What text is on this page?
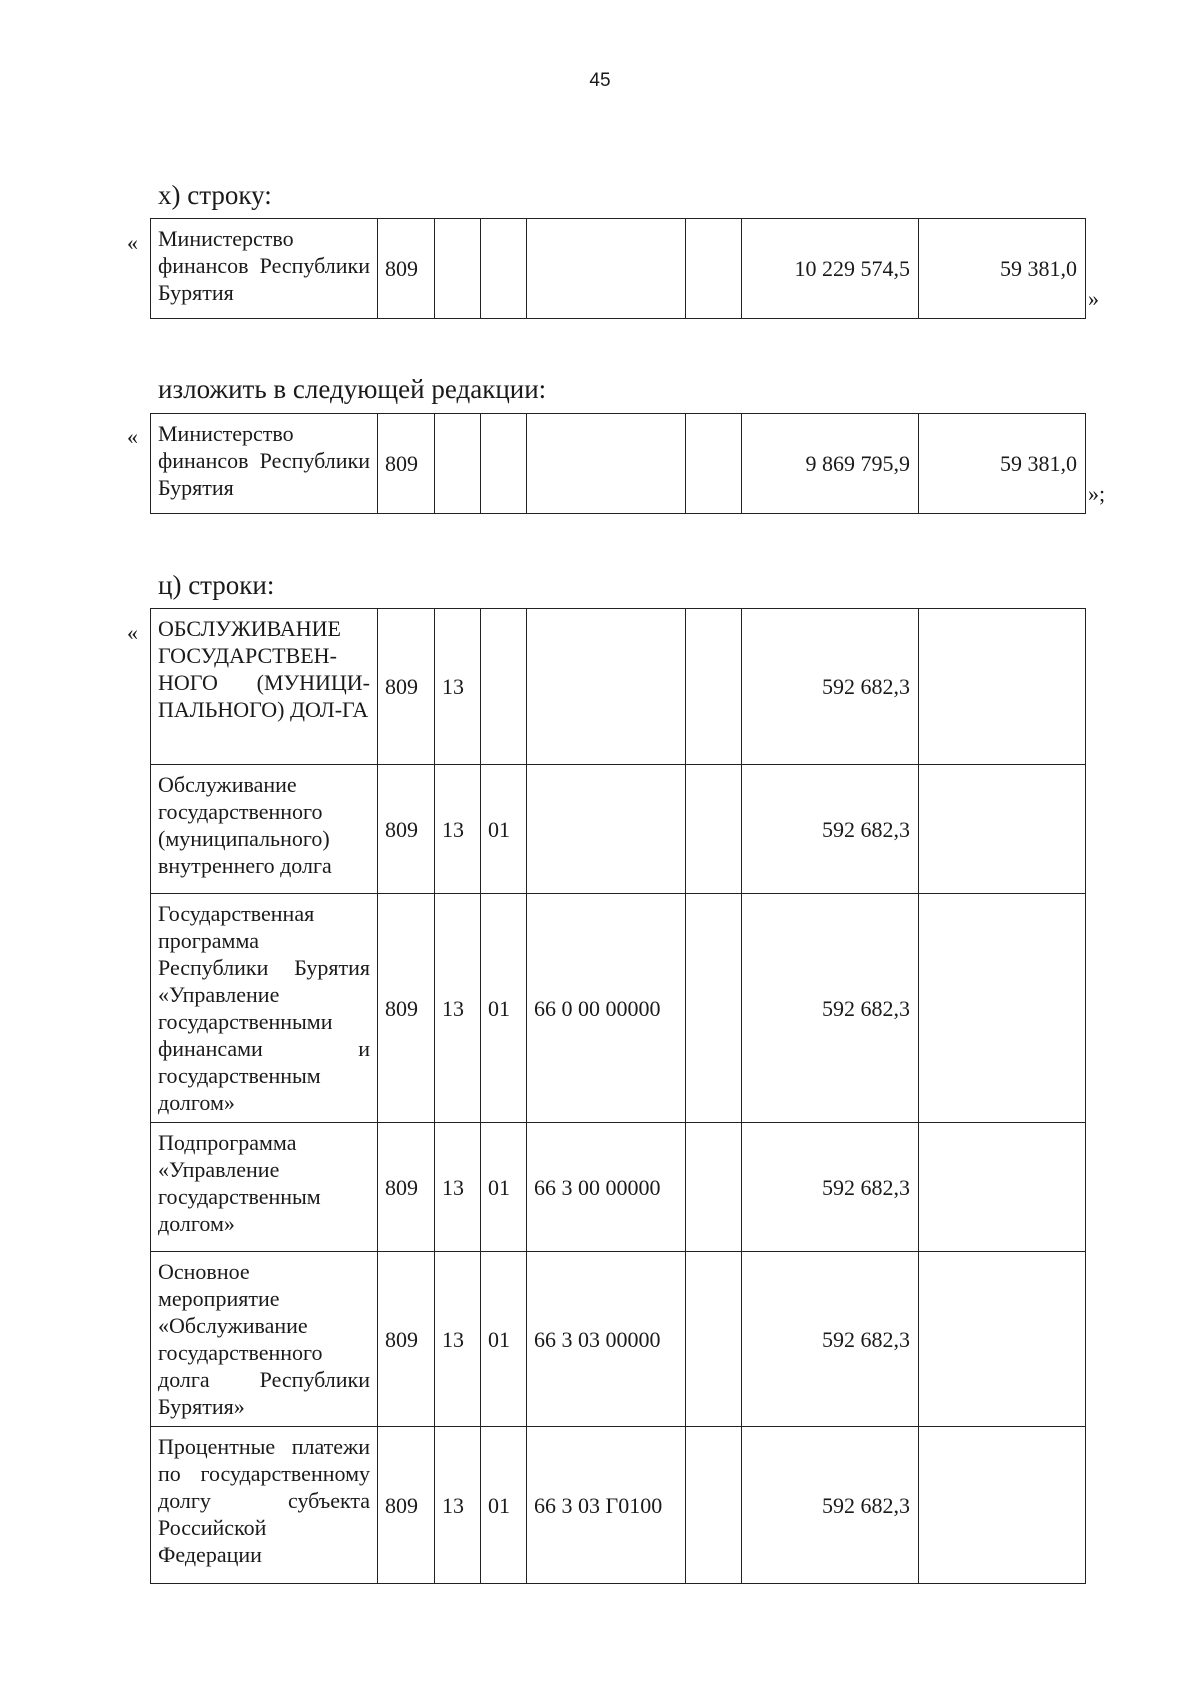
45
х) строку:
« Министерство финансов Республики Бурятия	809					10 229 574,5	59 381,0
»
изложить в следующей редакции:
« Министерство финансов Республики Бурятия	809					9 869 795,9	59 381,0
»;
ц) строки:
« ОБСЛУЖИВАНИЕ ГОСУДАРСТВЕН-НОГО (МУНИЦИ-ПАЛЬНОГО) ДОЛ-ГА	809	13				592 682,3	
Обслуживание государственного (муниципального) внутреннего долга	809	13	01			592 682,3	
Государственная программа Республики Бурятия «Управление государственными финансами и государственным долгом»	809	13	01	66 0 00 00000		592 682,3	
Подпрограмма «Управление государственным долгом»	809	13	01	66 3 00 00000		592 682,3	
Основное мероприятие «Обслуживание государственного долга Республики Бурятия»	809	13	01	66 3 03 00000		592 682,3	
Процентные платежи по государственному долгу субъекта Российской Федерации	809	13	01	66 3 03 Г0100		592 682,3	
